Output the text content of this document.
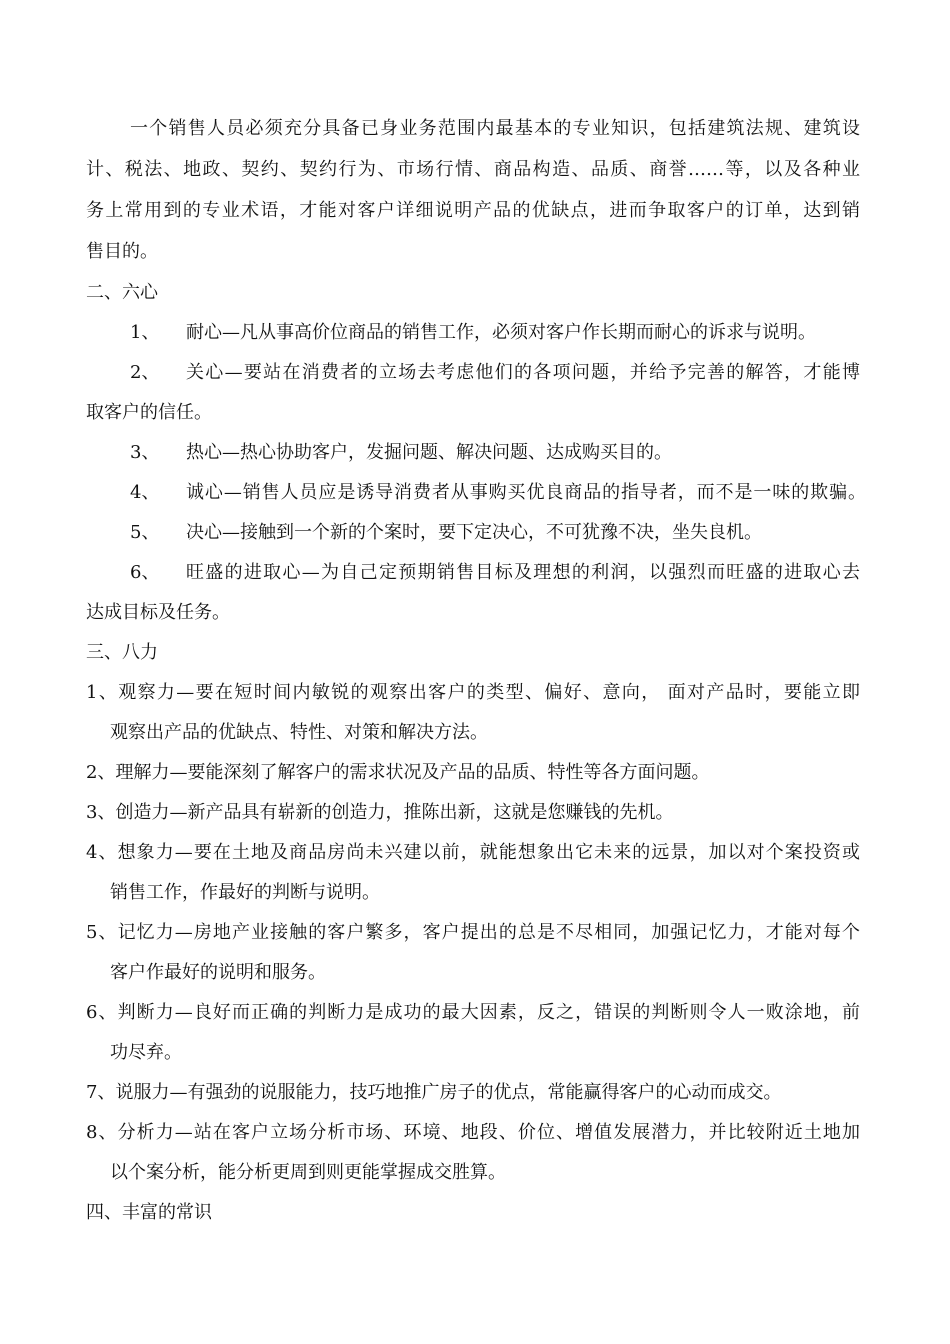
一个销售人员必须充分具备已身业务范围内最基本的专业知识，包括建筑法规、建筑设
计、税法、地政、契约、契约行为、市场行情、商品构造、品质、商誉……等，以及各种业
务上常用到的专业术语，才能对客户详细说明产品的优缺点，进而争取客户的订单，达到销
售目的。
二、六心
1、 耐心—凡从事高价位商品的销售工作，必须对客户作长期而耐心的诉求与说明。
2、 关心—要站在消费者的立场去考虑他们的各项问题，并给予完善的解答，才能博
取客户的信任。
3、 热心—热心协助客户，发掘问题、解决问题、达成购买目的。
4、 诚心—销售人员应是诱导消费者从事购买优良商品的指导者，而不是一味的欺骗。
5、 决心—接触到一个新的个案时，要下定决心，不可犹豫不决，坐失良机。
6、 旺盛的进取心—为自己定预期销售目标及理想的利润，以强烈而旺盛的进取心去
达成目标及任务。
三、八力
1、观察力—要在短时间内敏锐的观察出客户的类型、偏好、意向， 面对产品时，要能立即
观察出产品的优缺点、特性、对策和解决方法。
2、理解力—要能深刻了解客户的需求状况及产品的品质、特性等各方面问题。
3、创造力—新产品具有崭新的创造力，推陈出新，这就是您赚钱的先机。
4、想象力—要在土地及商品房尚未兴建以前，就能想象出它未来的远景，加以对个案投资或
销售工作，作最好的判断与说明。
5、记忆力—房地产业接触的客户繁多，客户提出的总是不尽相同，加强记忆力，才能对每个
客户作最好的说明和服务。
6、判断力—良好而正确的判断力是成功的最大因素，反之，错误的判断则令人一败涂地，前
功尽弃。
7、说服力—有强劲的说服能力，技巧地推广房子的优点，常能赢得客户的心动而成交。
8、分析力—站在客户立场分析市场、环境、地段、价位、增值发展潜力，并比较附近土地加
以个案分析，能分析更周到则更能掌握成交胜算。
四、丰富的常识
